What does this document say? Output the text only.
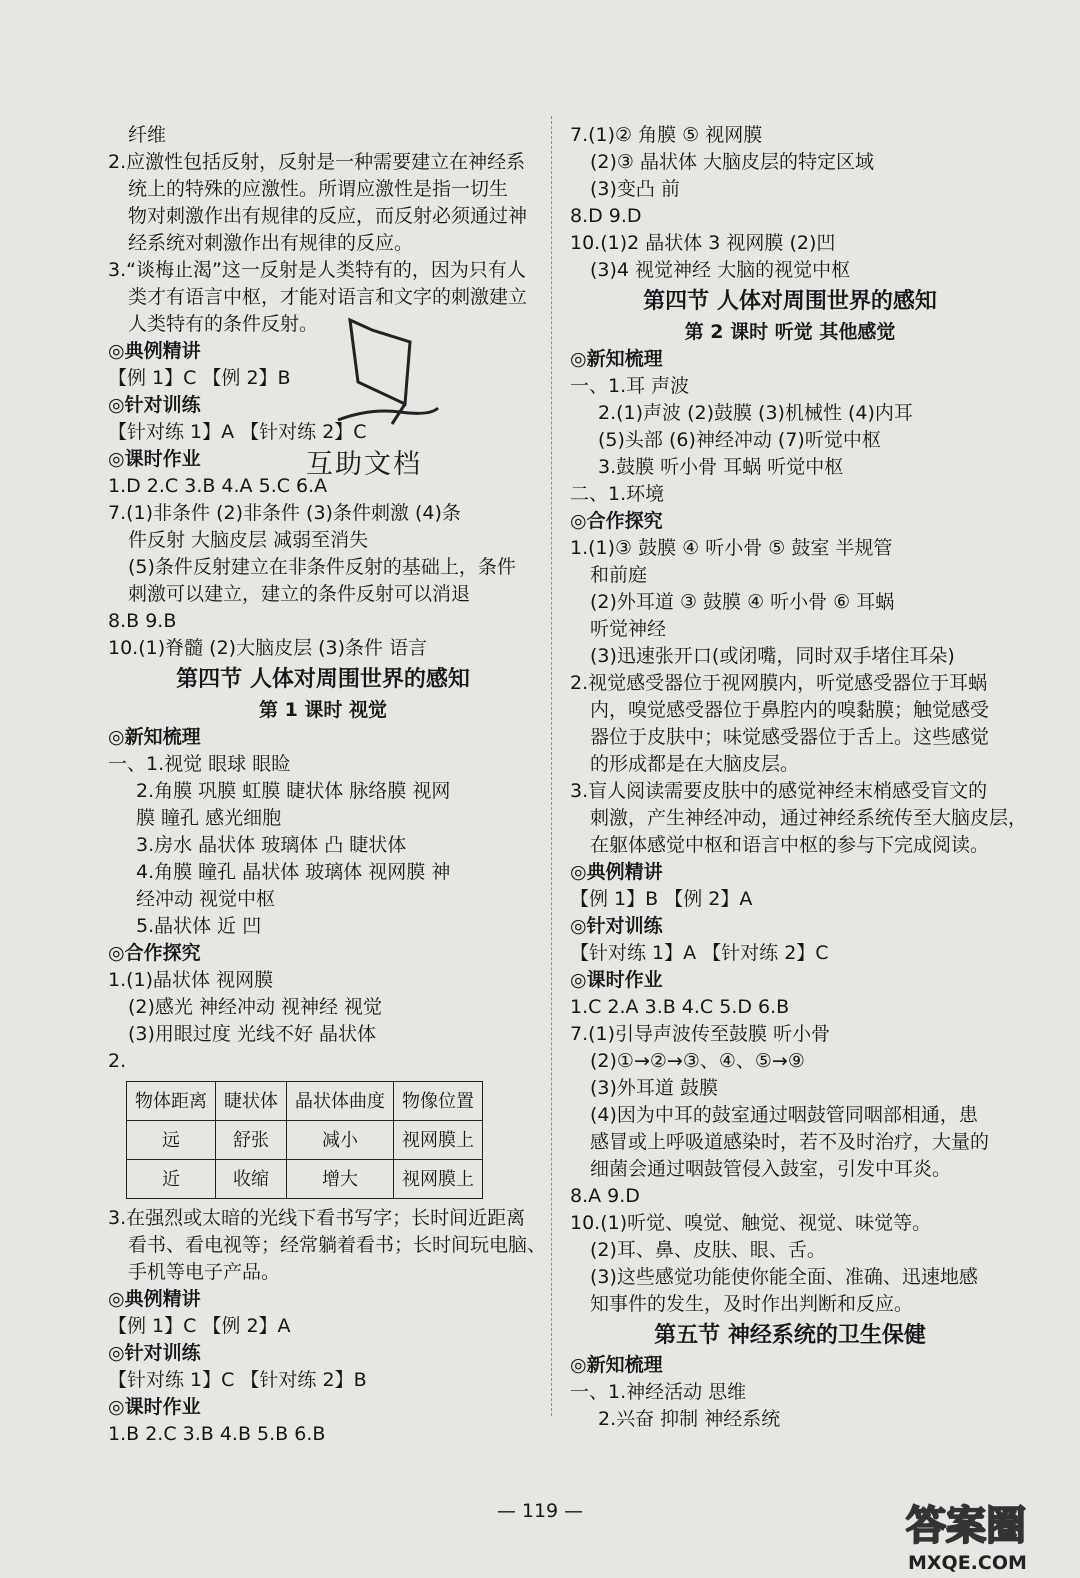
纤维
2.应激性包括反射，反射是一种需要建立在神经系
统上的特殊的应激性。所谓应激性是指一切生
物对刺激作出有规律的反应，而反射必须通过神
经系统对刺激作出有规律的反应。
3.“谈梅止渴”这一反射是人类特有的，因为只有人
类才有语言中枢，才能对语言和文字的刺激建立
人类特有的条件反射。
◎典例精讲
【例 1】C 【例 2】B
◎针对训练
【针对练 1】A 【针对练 2】C
◎课时作业
1.D 2.C 3.B 4.A 5.C 6.A
7.(1)非条件 (2)非条件 (3)条件刺激 (4)条
件反射 大脑皮层 减弱至消失
(5)条件反射建立在非条件反射的基础上，条件
刺激可以建立，建立的条件反射可以消退
8.B 9.B
10.(1)脊髓 (2)大脑皮层 (3)条件 语言
第四节 人体对周围世界的感知
第 1 课时 视觉
◎新知梳理
一、1.视觉 眼球 眼睑
2.角膜 巩膜 虹膜 睫状体 脉络膜 视网
膜 瞳孔 感光细胞
3.房水 晶状体 玻璃体 凸 睫状体
4.角膜 瞳孔 晶状体 玻璃体 视网膜 神
经冲动 视觉中枢
5.晶状体 近 凹
◎合作探究
1.(1)晶状体 视网膜
(2)感光 神经冲动 视神经 视觉
(3)用眼过度 光线不好 晶状体
2.
物体距离	睫状体	晶状体曲度	物像位置
远	舒张	减小	视网膜上
近	收缩	增大	视网膜上
3.在强烈或太暗的光线下看书写字；长时间近距离
看书、看电视等；经常躺着看书；长时间玩电脑、
手机等电子产品。
◎典例精讲
【例 1】C 【例 2】A
◎针对训练
【针对练 1】C 【针对练 2】B
◎课时作业
1.B 2.C 3.B 4.B 5.B 6.B
7.(1)② 角膜 ⑤ 视网膜
(2)③ 晶状体 大脑皮层的特定区域
(3)变凸 前
8.D 9.D
10.(1)2 晶状体 3 视网膜 (2)凹
(3)4 视觉神经 大脑的视觉中枢
第四节 人体对周围世界的感知
第 2 课时 听觉 其他感觉
◎新知梳理
一、1.耳 声波
2.(1)声波 (2)鼓膜 (3)机械性 (4)内耳
(5)头部 (6)神经冲动 (7)听觉中枢
3.鼓膜 听小骨 耳蜗 听觉中枢
二、1.环境
◎合作探究
1.(1)③ 鼓膜 ④ 听小骨 ⑤ 鼓室 半规管
和前庭
(2)外耳道 ③ 鼓膜 ④ 听小骨 ⑥ 耳蜗
听觉神经
(3)迅速张开口(或闭嘴，同时双手堵住耳朵)
2.视觉感受器位于视网膜内，听觉感受器位于耳蜗
内，嗅觉感受器位于鼻腔内的嗅黏膜；触觉感受
器位于皮肤中；味觉感受器位于舌上。这些感觉
的形成都是在大脑皮层。
3.盲人阅读需要皮肤中的感觉神经末梢感受盲文的
刺激，产生神经冲动，通过神经系统传至大脑皮层，
在躯体感觉中枢和语言中枢的参与下完成阅读。
◎典例精讲
【例 1】B 【例 2】A
◎针对训练
【针对练 1】A 【针对练 2】C
◎课时作业
1.C 2.A 3.B 4.C 5.D 6.B
7.(1)引导声波传至鼓膜 听小骨
(2)①→②→③、④、⑤→⑨
(3)外耳道 鼓膜
(4)因为中耳的鼓室通过咽鼓管同咽部相通，患
感冒或上呼吸道感染时，若不及时治疗，大量的
细菌会通过咽鼓管侵入鼓室，引发中耳炎。
8.A 9.D
10.(1)听觉、嗅觉、触觉、视觉、味觉等。
(2)耳、鼻、皮肤、眼、舌。
(3)这些感觉功能使你能全面、准确、迅速地感
知事件的发生，及时作出判断和反应。
第五节 神经系统的卫生保健
◎新知梳理
一、1.神经活动 思维
2.兴奋 抑制 神经系统
互助文档
— 119 —	答案圈
MXQE.COM
